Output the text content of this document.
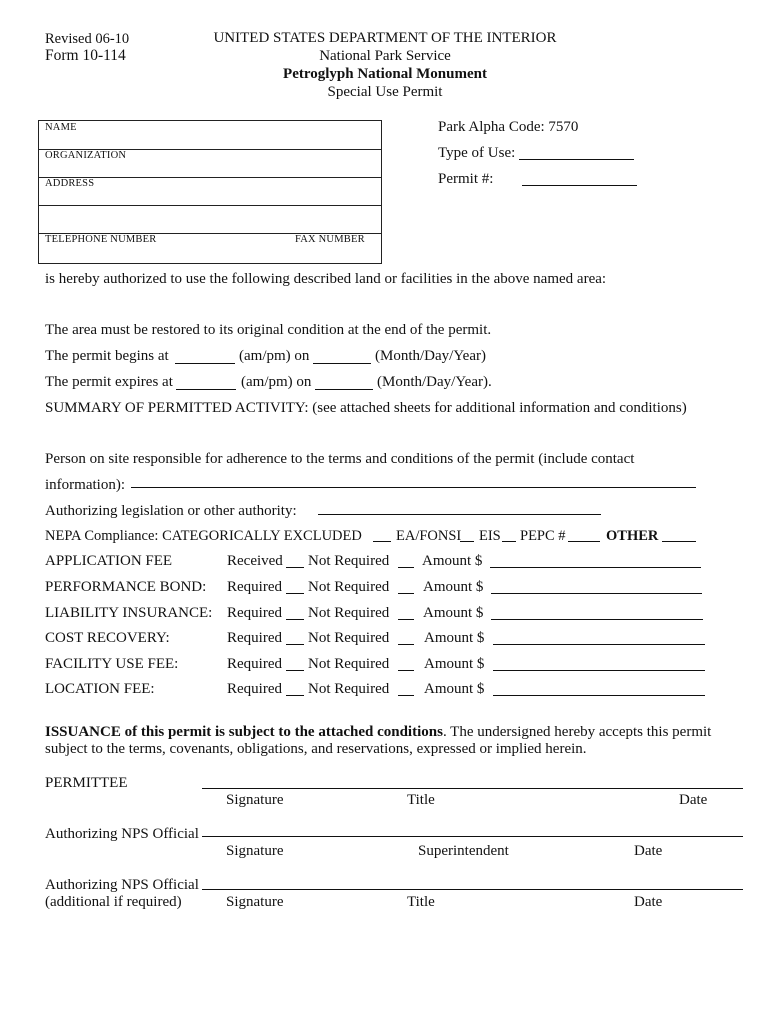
Revised 06-10
Form 10-114
UNITED STATES DEPARTMENT OF THE INTERIOR
National Park Service
Petroglyph National Monument
Special Use Permit
NAME
ORGANIZATION
ADDRESS
TELEPHONE NUMBER	FAX NUMBER
Park Alpha Code: 7570
Type of Use:
Permit #:
is hereby authorized to use the following described land or facilities in the above named area:
The area must be restored to its original condition at the end of the permit.
The permit begins at	(am/pm) on	(Month/Day/Year)
The permit expires at	(am/pm) on	(Month/Day/Year).
SUMMARY OF PERMITTED ACTIVITY: (see attached sheets for additional information and conditions)
Person on site responsible for adherence to the terms and conditions of the permit (include contact
information):
Authorizing legislation or other authority:
NEPA Compliance: CATEGORICALLY EXCLUDED EA/FONSI EIS PEPC #	OTHER
APPLICATION FEE	Received Not Required Amount $
PERFORMANCE BOND: Required Not Required Amount $
LIABILITY INSURANCE: Required Not Required Amount $
COST RECOVERY:	Required Not Required Amount $
FACILITY USE FEE:	Required Not Required Amount $
LOCATION FEE:	Required Not Required Amount $
ISSUANCE of this permit is subject to the attached conditions. The undersigned hereby accepts this permit
subject to the terms, covenants, obligations, and reservations, expressed or implied herein.
PERMITTEE
Signature	Title	Date
Authorizing NPS Official
Signature	Superintendent	Date
Authorizing NPS Official
(additional if required)	Signature	Title	Date
